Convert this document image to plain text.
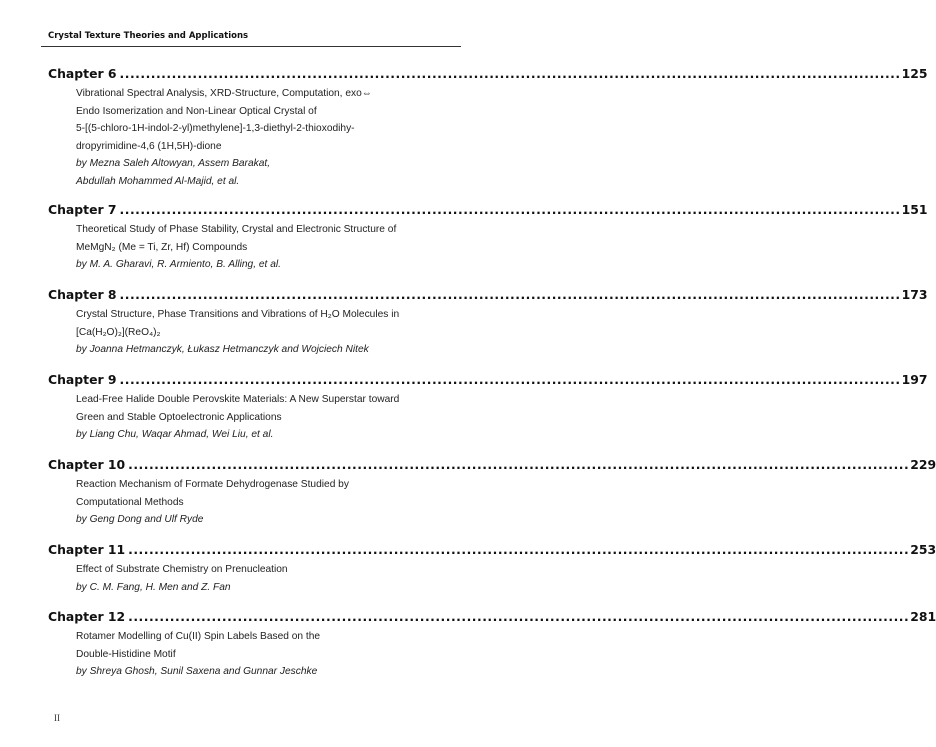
Crystal Texture Theories and Applications
Chapter 6 ...................................................................................................................................................... 125
Vibrational Spectral Analysis, XRD-Structure, Computation, exo⇔
Endo Isomerization and Non-Linear Optical Crystal of
5-[(5-chloro-1H-indol-2-yl)methylene]-1,3-diethyl-2-thioxodihy-
dropyrimidine-4,6 (1H,5H)-dione
by Mezna Saleh Altowyan, Assem Barakat,
Abdullah Mohammed Al-Majid, et al.
Chapter 7 ...................................................................................................................................................... 151
Theoretical Study of Phase Stability, Crystal and Electronic Structure of
MeMgN₂ (Me = Ti, Zr, Hf) Compounds
by M. A. Gharavi, R. Armiento, B. Alling, et al.
Chapter 8 ...................................................................................................................................................... 173
Crystal Structure, Phase Transitions and Vibrations of H₂O Molecules in
[Ca(H₂O)₂](ReO₄)₂
by Joanna Hetmanczyk, Łukasz Hetmanczyk and Wojciech Nitek
Chapter 9 ...................................................................................................................................................... 197
Lead-Free Halide Double Perovskite Materials: A New Superstar toward
Green and Stable Optoelectronic Applications
by Liang Chu, Waqar Ahmad, Wei Liu, et al.
Chapter 10 ...................................................................................................................................................... 229
Reaction Mechanism of Formate Dehydrogenase Studied by
Computational Methods
by Geng Dong and Ulf Ryde
Chapter 11 ...................................................................................................................................................... 253
Effect of Substrate Chemistry on Prenucleation
by C. M. Fang, H. Men and Z. Fan
Chapter 12 ...................................................................................................................................................... 281
Rotamer Modelling of Cu(II) Spin Labels Based on the
Double-Histidine Motif
by Shreya Ghosh, Sunil Saxena and Gunnar Jeschke
II
